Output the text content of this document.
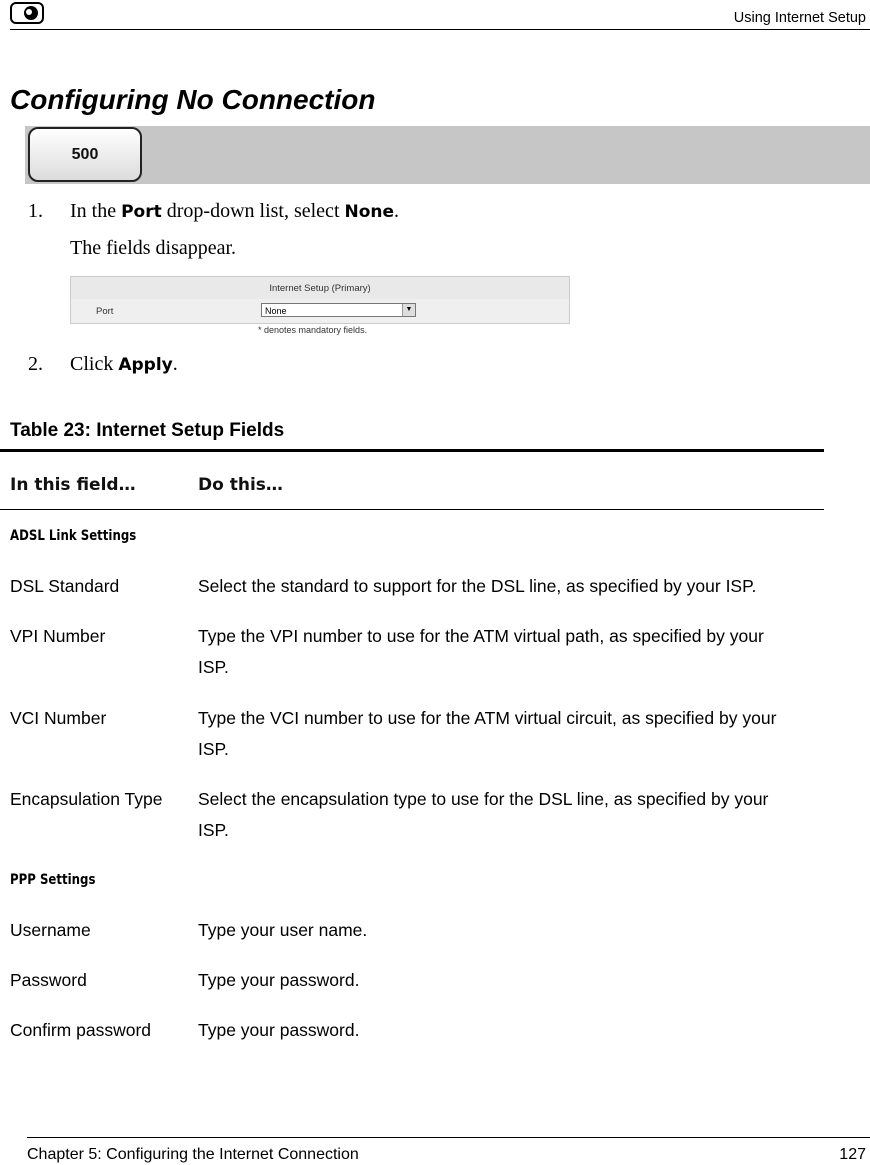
Using Internet Setup
Configuring No Connection
500
1. In the Port drop-down list, select None.
The fields disappear.
Internet Setup (Primary)
Port	None	▼
* denotes mandatory fields.
2. Click Apply.
Table 23: Internet Setup Fields
In this field…	Do this…
ADSL Link Settings
DSL Standard	Select the standard to support for the DSL line, as specified by your ISP.
VPI Number	Type the VPI number to use for the ATM virtual path, as specified by your ISP.
VCI Number	Type the VCI number to use for the ATM virtual circuit, as specified by your ISP.
Encapsulation Type	Select the encapsulation type to use for the DSL line, as specified by your ISP.
PPP Settings
Username	Type your user name.
Password	Type your password.
Confirm password	Type your password.
Chapter 5: Configuring the Internet Connection	127
